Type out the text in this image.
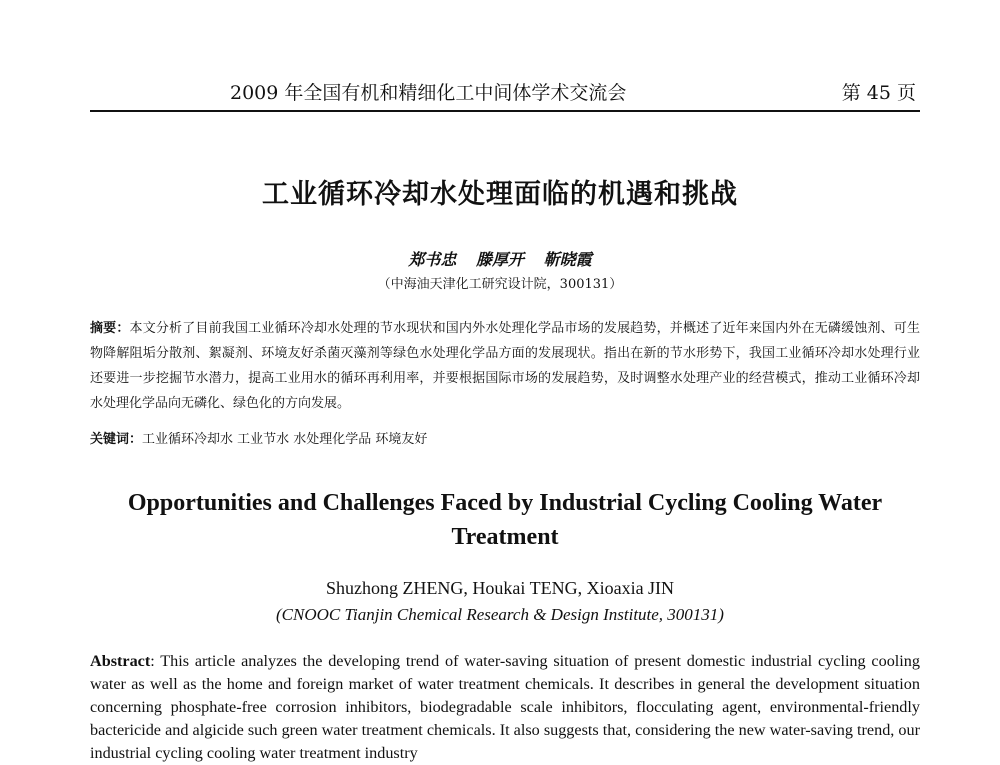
2009 年全国有机和精细化工中间体学术交流会	第 45 页
工业循环冷却水处理面临的机遇和挑战
郑书忠 滕厚开 靳晓霞
（中海油天津化工研究设计院，300131）
摘要：本文分析了目前我国工业循环冷却水处理的节水现状和国内外水处理化学品市场的发展趋势，并概述了近年来国内外在无磷缓蚀剂、可生物降解阻垢分散剂、絮凝剂、环境友好杀菌灭藻剂等绿色水处理化学品方面的发展现状。指出在新的节水形势下，我国工业循环冷却水处理行业还要进一步挖掘节水潜力，提高工业用水的循环再利用率，并要根据国际市场的发展趋势，及时调整水处理产业的经营模式，推动工业循环冷却水处理化学品向无磷化、绿色化的方向发展。
关键词：工业循环冷却水 工业节水 水处理化学品 环境友好
Opportunities and Challenges Faced by Industrial Cycling Cooling Water Treatment
Shuzhong ZHENG, Houkai TENG, Xioaxia JIN
(CNOOC Tianjin Chemical Research & Design Institute, 300131)
Abstract: This article analyzes the developing trend of water-saving situation of present domestic industrial cycling cooling water as well as the home and foreign market of water treatment chemicals. It describes in general the development situation concerning phosphate-free corrosion inhibitors, biodegradable scale inhibitors, flocculating agent, environmental-friendly bactericide and algicide such green water treatment chemicals. It also suggests that, considering the new water-saving trend, our industrial cycling cooling water treatment industry
